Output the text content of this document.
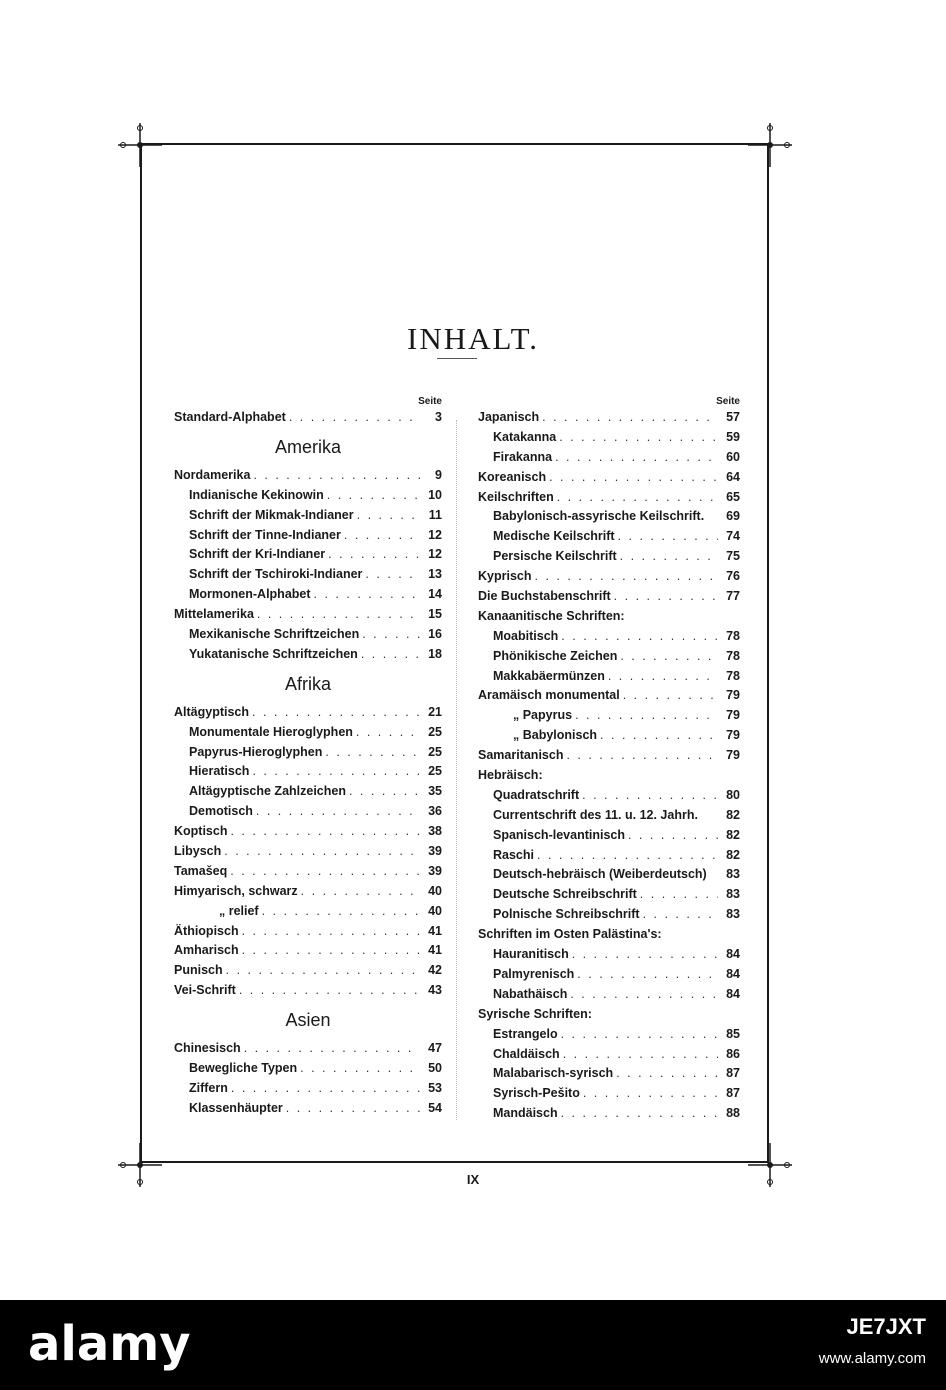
INHALT.
Seite
Standard-Alphabet . . .	3
Amerika
Nordamerika . . .	9
Indianische Kekinowin . . .	10
Schrift der Mikmak-Indianer . . .	11
Schrift der Tinne-Indianer . . .	12
Schrift der Kri-Indianer . . .	12
Schrift der Tschiroki-Indianer . . .	13
Mormonen-Alphabet . . .	14
Mittelamerika . . .	15
Mexikanische Schriftzeichen . . .	16
Yukatanische Schriftzeichen . . .	18
Afrika
Altägyptisch . . .	21
Monumentale Hieroglyphen . . .	25
Papyrus-Hieroglyphen . . .	25
Hieratisch . . .	25
Altägyptische Zahlzeichen . . .	35
Demotisch . . .	36
Koptisch . . .	38
Libysch . . .	39
Tamašeq . . .	39
Himyarisch, schwarz . . .	40
„ relief . . .	40
Äthiopisch . . .	41
Amharisch . . .	41
Punisch . . .	42
Vei-Schrift . . .	43
Asien
Chinesisch . . .	47
Bewegliche Typen . . .	50
Ziffern . . .	53
Klassenhäupter . . .	54
Seite
Japanisch . . .	57
Katakanna . . .	59
Firakanna . . .	60
Koreanisch . . .	64
Keilschriften . . .	65
Babylonisch-assyrische Keilschrift.	69
Medische Keilschrift . . .	74
Persische Keilschrift . . .	75
Kyprisch . . .	76
Die Buchstabenschrift . . .	77
Kanaanitische Schriften:
Moabitisch . . .	78
Phönikische Zeichen . . .	78
Makkabäermünzen . . .	78
Aramäisch monumental . . .	79
„ Papyrus . . .	79
„ Babylonisch . . .	79
Samaritanisch . . .	79
Hebräisch:
Quadratschrift . . .	80
Currentschrift des 11. u. 12. Jahrh.	82
Spanisch-levantinisch . . .	82
Raschi . . .	82
Deutsch-hebräisch (Weiberdeutsch)	83
Deutsche Schreibschrift . . .	83
Polnische Schreibschrift . . .	83
Schriften im Osten Palästina's:
Hauranitisch . . .	84
Palmyrenisch . . .	84
Nabathäisch . . .	84
Syrische Schriften:
Estrangelo . . .	85
Chaldäisch . . .	86
Malabarisch-syrisch . . .	87
Syrisch-Pešito . . .	87
Mandäisch . . .	88
IX
alamy	JE7JXT
www.alamy.com
